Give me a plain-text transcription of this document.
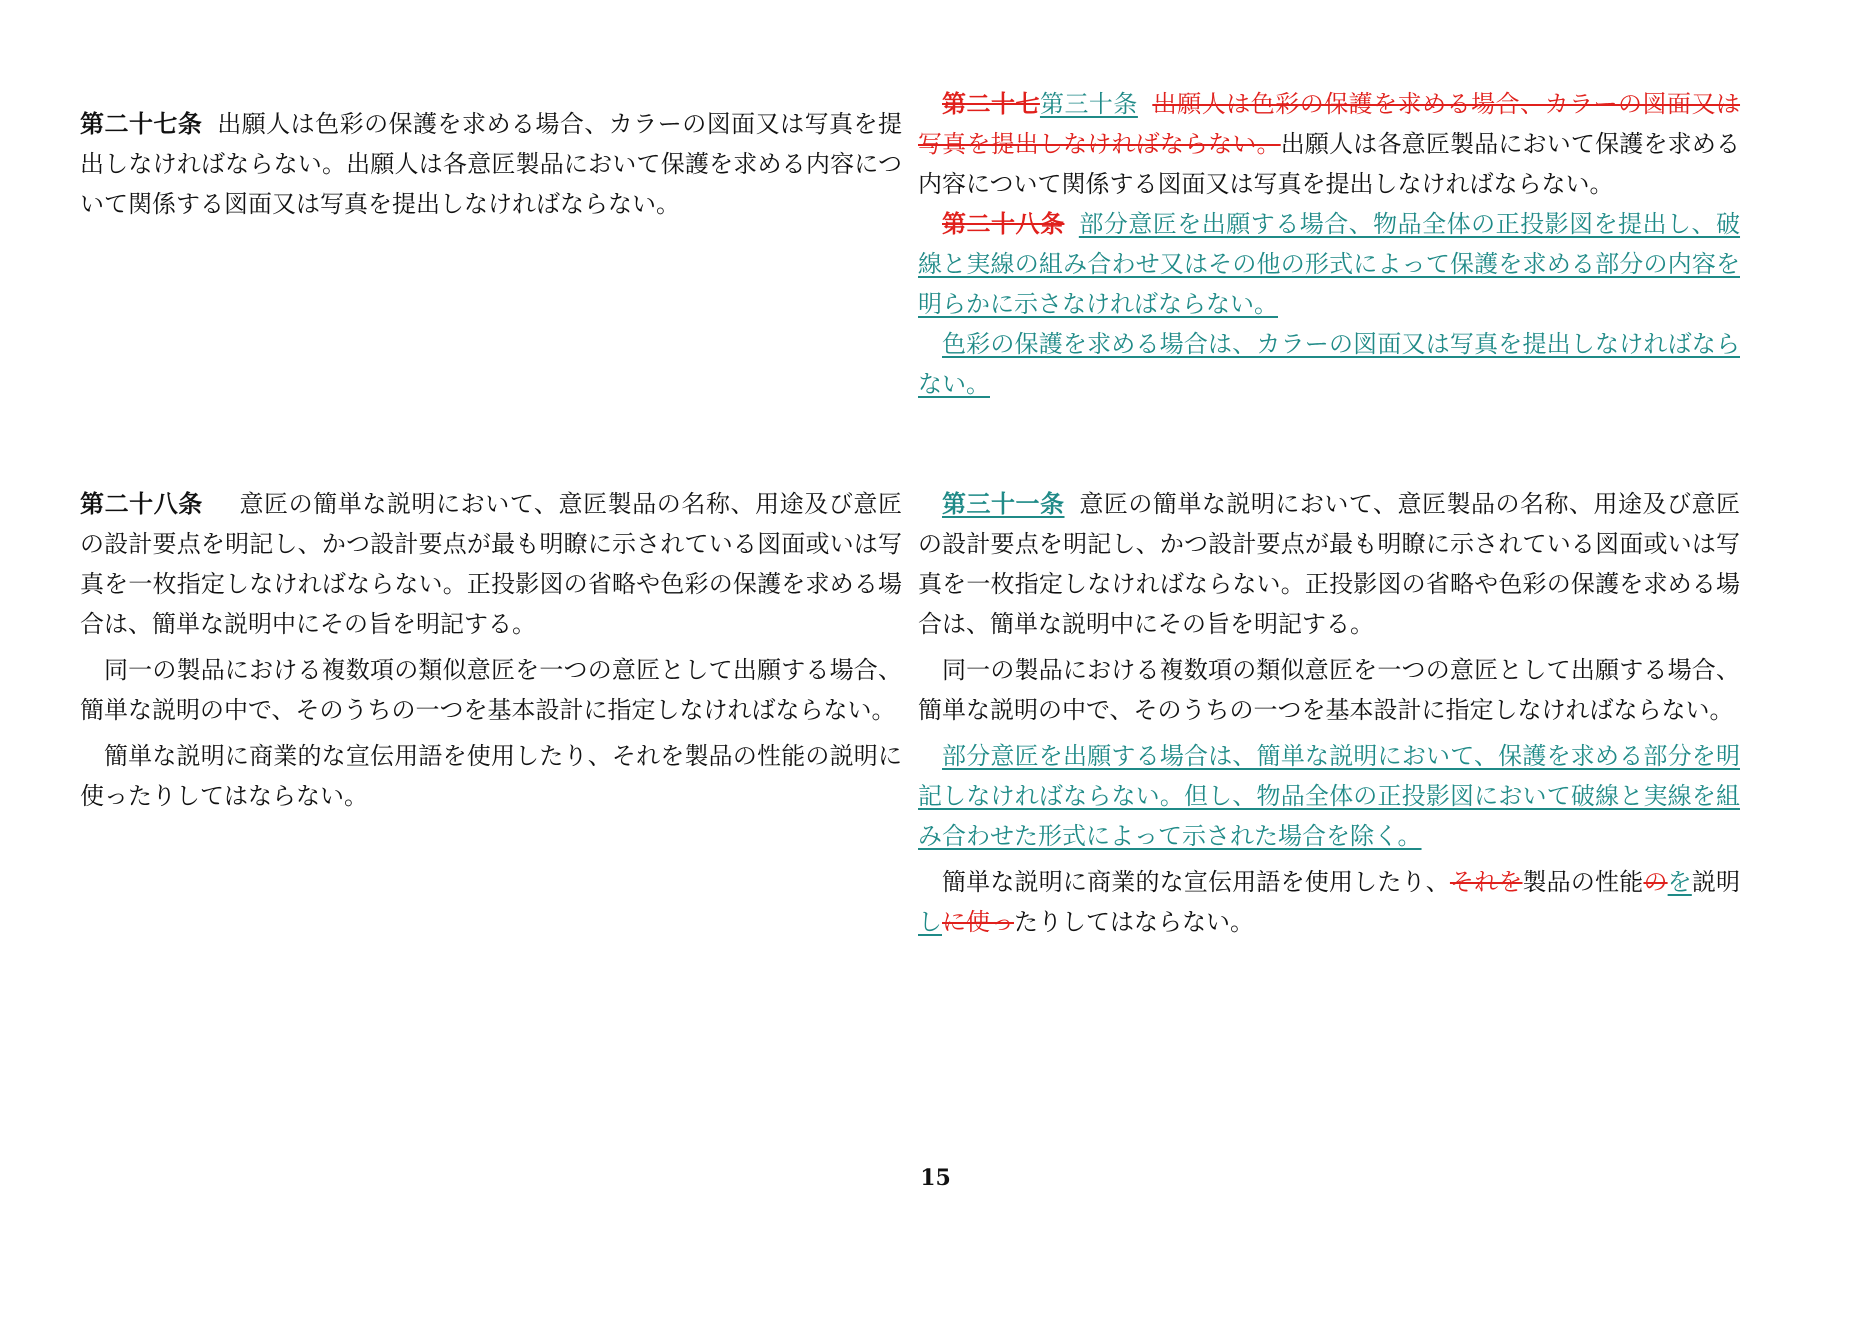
第二十七条 出願人は色彩の保護を求める場合、カラーの図面又は写真を提出しなければならない。出願人は各意匠製品において保護を求める内容について関係する図面又は写真を提出しなければならない。
第二十八条 意匠の簡単な説明において、意匠製品の名称、用途及び意匠の設計要点を明記し、かつ設計要点が最も明瞭に示されている図面或いは写真を一枚指定しなければならない。正投影図の省略や色彩の保護を求める場合は、簡単な説明中にその旨を明記する。
同一の製品における複数項の類似意匠を一つの意匠として出願する場合、簡単な説明の中で、そのうちの一つを基本設計に指定しなければならない。
簡単な説明に商業的な宣伝用語を使用したり、それを製品の性能の説明に使ったりしてはならない。
第二十七第三十条 出願人は色彩の保護を求める場合、カラーの図面又は写真を提出しなければならない。出願人は各意匠製品において保護を求める内容について関係する図面又は写真を提出しなければならない。
第二十八条 部分意匠を出願する場合、物品全体の正投影図を提出し、破線と実線の組み合わせ又はその他の形式によって保護を求める部分の内容を明らかに示さなければならない。
色彩の保護を求める場合は、カラーの図面又は写真を提出しなければならない。
第三十一条 意匠の簡単な説明において、意匠製品の名称、用途及び意匠の設計要点を明記し、かつ設計要点が最も明瞭に示されている図面或いは写真を一枚指定しなければならない。正投影図の省略や色彩の保護を求める場合は、簡単な説明中にその旨を明記する。
同一の製品における複数項の類似意匠を一つの意匠として出願する場合、簡単な説明の中で、そのうちの一つを基本設計に指定しなければならない。
部分意匠を出願する場合は、簡単な説明において、保護を求める部分を明記しなければならない。但し、物品全体の正投影図において破線と実線を組み合わせた形式によって示された場合を除く。
簡単な説明に商業的な宣伝用語を使用したり、それを製品の性能のを説明しに使ったりしてはならない。
15
